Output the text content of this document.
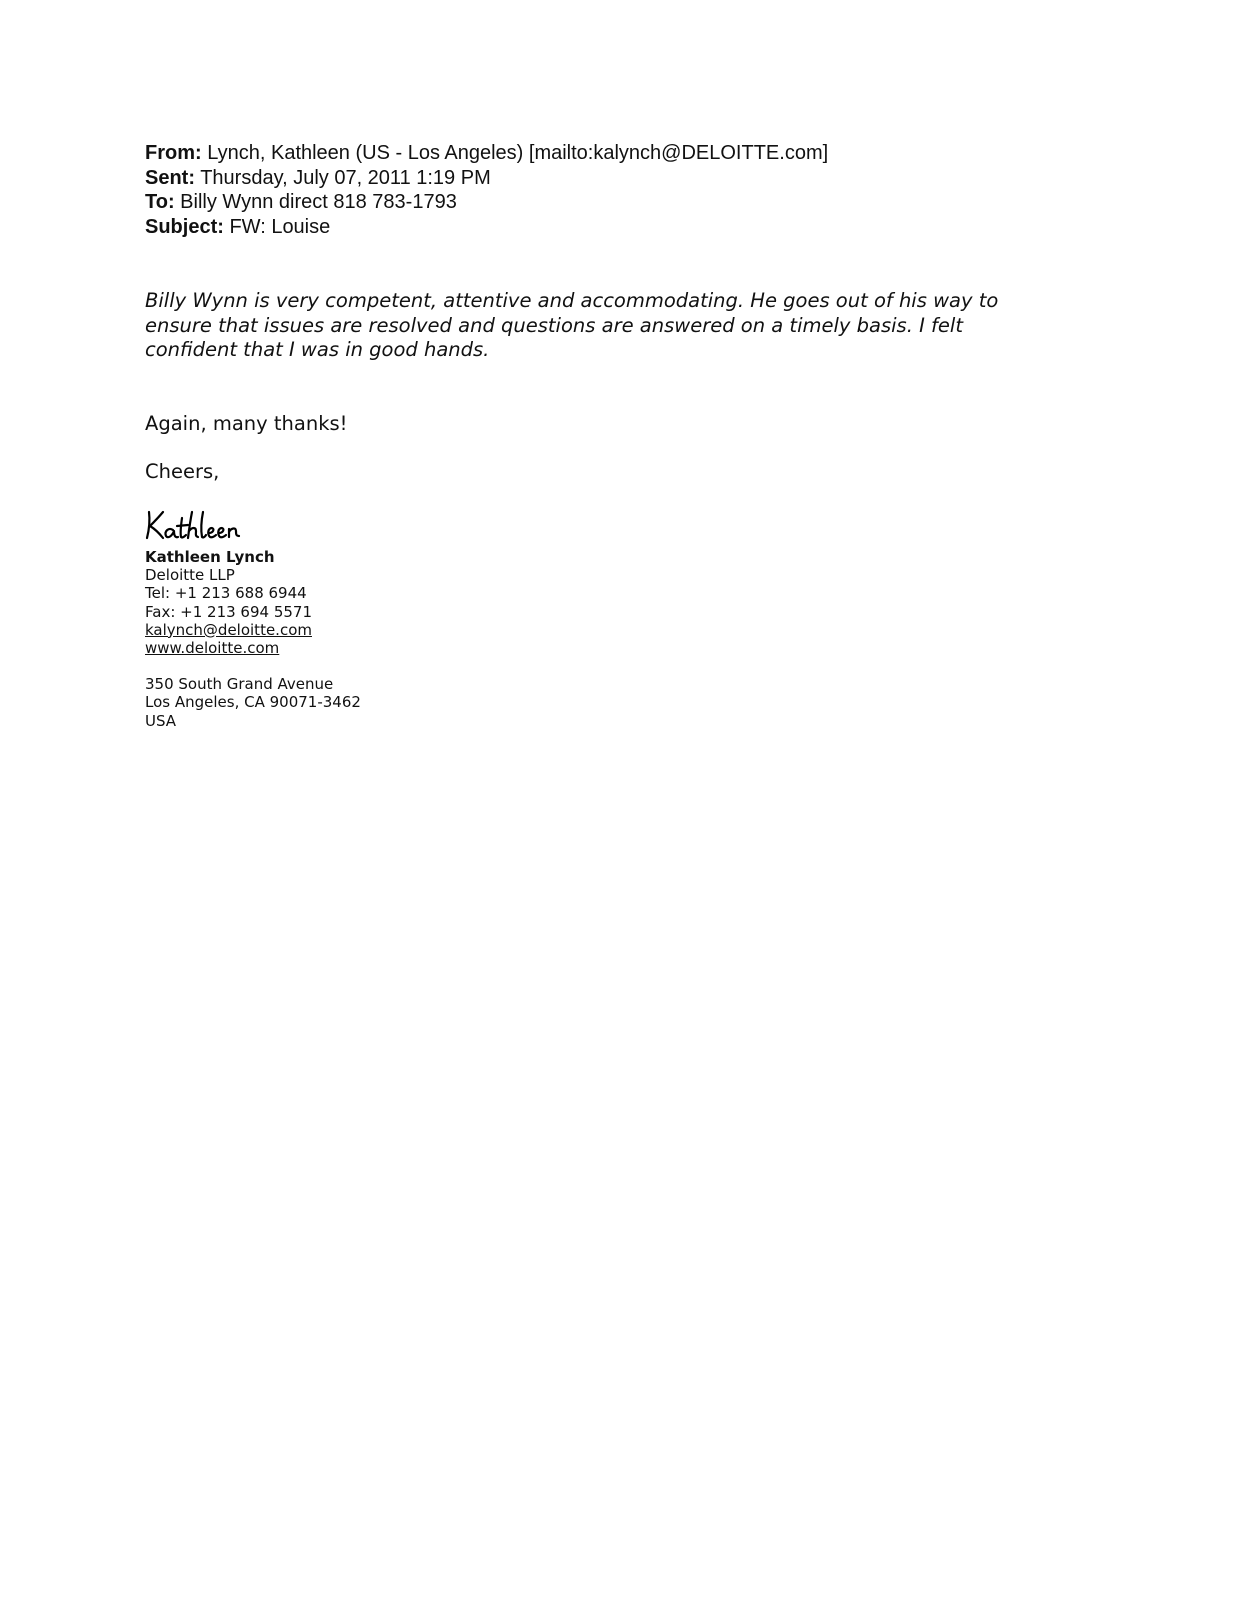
From: Lynch, Kathleen (US - Los Angeles) [mailto:kalynch@DELOITTE.com]
Sent: Thursday, July 07, 2011 1:19 PM
To: Billy Wynn direct 818 783-1793
Subject: FW: Louise
Billy Wynn is very competent, attentive and accommodating. He goes out of his way to
ensure that issues are resolved and questions are answered on a timely basis. I felt
confident that I was in good hands.
Again, many thanks!
Cheers,
Kathleen Lynch
Deloitte LLP
Tel: +1 213 688 6944
Fax: +1 213 694 5571
kalynch@deloitte.com
www.deloitte.com
350 South Grand Avenue
Los Angeles, CA 90071-3462
USA
